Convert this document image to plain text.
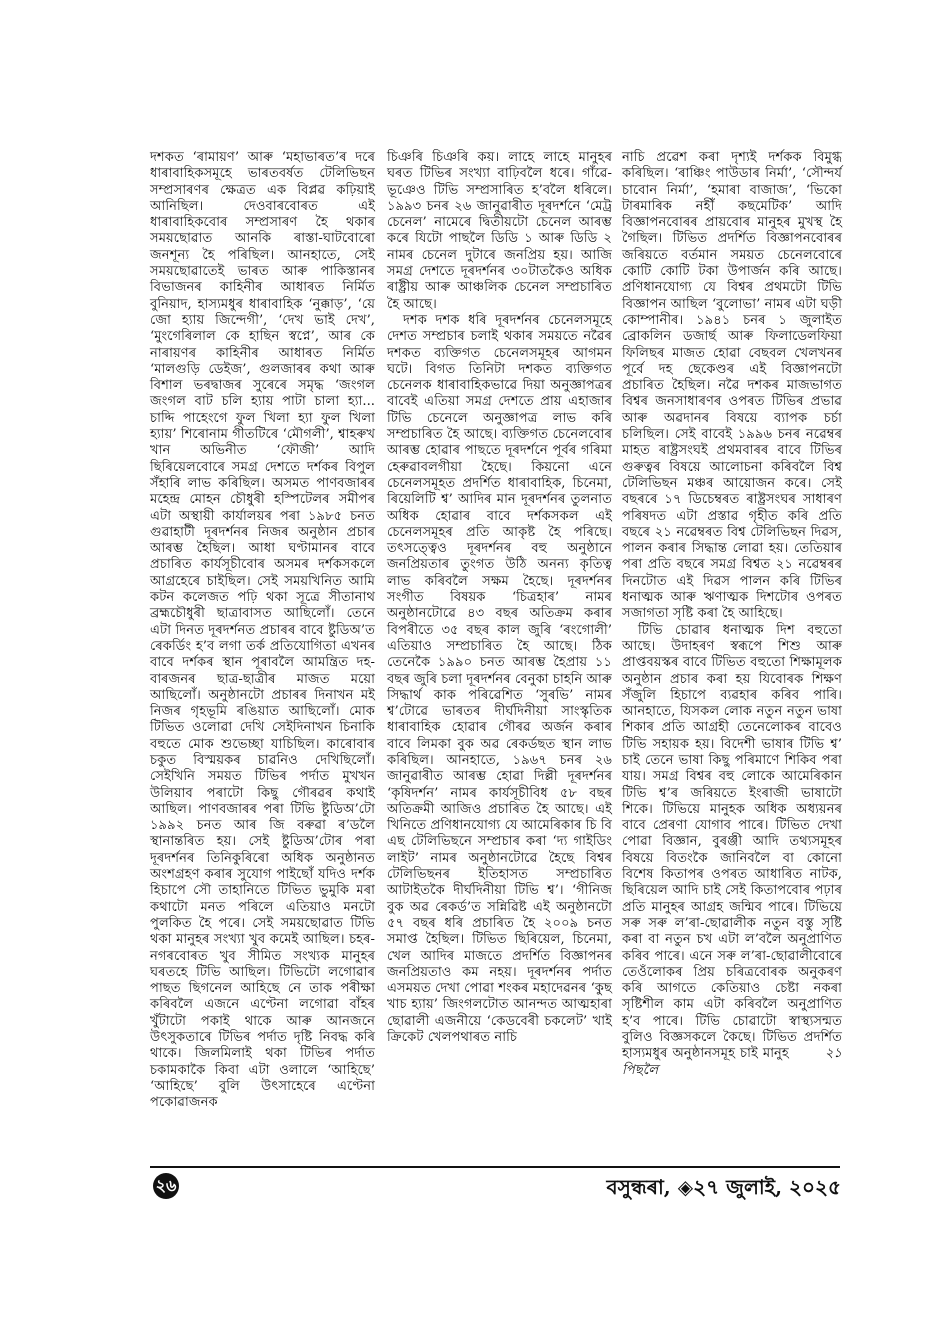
দশকত ‘ৰামায়ণ’ আৰু ‘মহাভাৰত’ৰ দৰে ধাৰাবাহিকসমূহে ভাৰতবৰ্ষত টেলিভিছন সম্প্ৰসাৰণৰ ক্ষেত্ৰত এক বিপ্লৱ কঢ়িয়াই আনিছিল। দেওবাৰবোৰত এই ধাৰাবাহিকবোৰ সম্প্ৰসাৰণ হৈ থকাৰ সময়ছোৱাত আনকি ৰাস্তা-ঘাটবোৰো জনশূন্য হৈ পৰিছিল। আনহাতে, সেই সময়ছোৱাতেই ভাৰত আৰু পাকিস্তানৰ বিভাজনৰ কাহিনীৰ আধাৰত নিৰ্মিত বুনিয়াদ, হাস্যমধুৰ ধাৰাবাহিক ‘নুক্কাড়’, ‘য়ে জো হ্যায় জিন্দেগী’, ‘দেখ ভাই দেখ’, ‘মুংগেৰিলাল কে হাছিন স্বপ্নে’, আৰ কে নাৰায়ণৰ কাহিনীৰ আধাৰত নিৰ্মিত ‘মালগুড়ি ডেইজ’, গুলজাৰৰ কথা আৰু বিশাল ভৰদ্বাজৰ সুৰেৰে সমৃদ্ধ ‘জংগল জংগল বাট চলি হ্যায় পাটা চালা হ্যা... চাদ্দি পাহেংগে ফুল খিলা হ্যা ফুল খিলা হ্যায়’ শিৰোনাম গীতটিৰে ‘মৌগলী’, শ্বাহৰুখ খান অভিনীত ‘ফৌজী’ আদি ছিৰিয়েলবোৰে সমগ্ৰ দেশতে দৰ্শকৰ বিপুল সঁহাৰি লাভ কৰিছিল। অসমত পাণবজাৰৰ মহেন্দ্ৰ মোহন চৌধুৰী হস্পিটেলৰ সমীপৰ এটা অস্থায়ী কাৰ্যালয়ৰ পৰা ১৯৮৫ চনত গুৱাহাটী দূৰদৰ্শনৰ নিজৰ অনুষ্ঠান প্ৰচাৰ আৰম্ভ হৈছিল। আধা ঘণ্টামানৰ বাবে প্ৰচাৰিত কাৰ্যসূচীবোৰ অসমৰ দৰ্শকসকলে আগ্ৰহেৰে চাইছিল। সেই সময়খিনিত আমি কটন কলেজত পঢ়ি থকা সূত্ৰে সীতানাথ ব্ৰহ্মচৌধুৰী ছাত্ৰাবাসত আছিলোঁ। তেনে এটা দিনত দূৰদৰ্শনত প্ৰচাৰৰ বাবে ষ্টুডিঅ’ত ৰেকৰ্ডিং হ’ব লগা তৰ্ক প্ৰতিযোগিতা এখনৰ বাবে দৰ্শকৰ স্থান পূৰাবলৈ আমন্ত্ৰিত দহ-বাৰজনৰ ছাত্ৰ-ছাত্ৰীৰ মাজত ময়ো আছিলোঁ। অনুষ্ঠানটো প্ৰচাৰৰ দিনাখন মই নিজৰ গৃহভূমি ৰঙিয়াত আছিলোঁ। মোক টিভিত ওলোৱা দেখি সেইদিনাখন চিনাকি বহুতে মোক শুভেচ্ছা যাচিছিল। কাৰোবাৰ চকুত বিস্ময়কৰ চাৱনিও দেখিছিলোঁ। সেইখিনি সময়ত টিভিৰ পৰ্দাত মুখখন উলিয়াব পৰাটো কিছু গৌৰৱৰ কথাই আছিল। পাণবজাৰৰ পৰা টিভি ষ্টুডিঅ’টো ১৯৯২ চনত আৰ জি বৰুৱা ৰ’ডলৈ স্থানান্তৰিত হয়। সেই ষ্টুডিঅ’টোৰ পৰা দূৰদৰ্শনৰ তিনিকুৰিৰো অধিক অনুষ্ঠানত অংশগ্ৰহণ কৰাৰ সুযোগ পাইছোঁ যদিও দৰ্শক হিচাপে সৌ তাহানিতে টিভিত ভুমুকি মৰা কথাটো মনত পৰিলে এতিয়াও মনটো পুলকিত হৈ পৰে। সেই সময়ছোৱাত টিভি থকা মানুহৰ সংখ্যা খুব কমেই আছিল। চহৰ-নগৰবোৰত খুব সীমিত সংখ্যক মানুহৰ ঘৰতহে টিভি আছিল। টিভিটো লগোৱাৰ পাছত ছিগনেল আহিছে নে তাক পৰীক্ষা কৰিবলৈ এজনে এণ্টেনা লগোৱা বাঁহৰ খুঁটাটো পকাই থাকে আৰু আনজনে উৎসুকতাৰে টিভিৰ পৰ্দাত দৃষ্টি নিবদ্ধ কৰি থাকে। জিলমিলাই থকা টিভিৰ পৰ্দাত চকামকাকৈ কিবা এটা ওলালে ‘আহিছে’ ‘আহিছে’ বুলি উৎসাহেৰে এণ্টেনা পকোৱাজনক

চিঞৰি চিঞৰি কয়। লাহে লাহে মানুহৰ ঘৰত টিভিৰ সংখ্যা বাঢ়িবলৈ ধৰে। গাঁৱে-ভূঞেও টিভি সম্প্ৰসাৰিত হ’বলৈ ধৰিলে। ১৯৯৩ চনৰ ২৬ জানুৱাৰীত দূৰদৰ্শনে ‘মেট্ৰ চেনেল’ নামেৰে দ্বিতীয়টো চেনেল আৰম্ভ কৰে যিটো পাছলৈ ডিডি ১ আৰু ডিডি ২ নামৰ চেনেল দুটাৰে জনপ্ৰিয় হয়। আজি সমগ্ৰ দেশতে দূৰদৰ্শনৰ ৩০টাতকৈও অধিক ৰাষ্ট্ৰীয় আৰু আঞ্চলিক চেনেল সম্প্ৰচাৰিত হৈ আছে।

দশক দশক ধৰি দূৰদৰ্শনৰ চেনেলসমূহে দেশত সম্প্ৰচাৰ চলাই থকাৰ সময়তে নৱৈৰ দশকত ব্যক্তিগত চেনেলসমূহৰ আগমন ঘটে। বিগত তিনিটা দশকত ব্যক্তিগত চেনেলক ধাৰাবাহিকভাৱে দিয়া অনুজ্ঞাপত্ৰৰ বাবেই এতিয়া সমগ্ৰ দেশতে প্ৰায় এহাজাৰ টিভি চেনেলে অনুজ্ঞাপত্ৰ লাভ কৰি সম্প্ৰচাৰিত হৈ আছে। ব্যক্তিগত চেনেলবোৰ আৰম্ভ হোৱাৰ পাছতে দূৰদৰ্শনে পূৰ্বৰ গৰিমা হেৰুৱাবলগীয়া হৈছে। কিয়নো এনে চেনেলসমূহত প্ৰদৰ্শিত ধাৰাবাহিক, চিনেমা, ৰিয়েলিটি শ্ব’ আদিৰ মান দূৰদৰ্শনৰ তুলনাত অধিক হোৱাৰ বাবে দৰ্শকসকল এই চেনেলসমূহৰ প্ৰতি আকৃষ্ট হৈ পৰিছে। তৎসত্ত্বেও দূৰদৰ্শনৰ বহু অনুষ্ঠানে জনপ্ৰিয়তাৰ তুংগত উঠি অনন্য কৃতিত্ব লাভ কৰিবলৈ সক্ষম হৈছে। দূৰদৰ্শনৰ সংগীত বিষয়ক ‘চিত্ৰহাৰ’ নামৰ অনুষ্ঠানটোৱে ৪৩ বছৰ অতিক্ৰম কৰাৰ বিপৰীতে ৩৫ বছৰ কাল জুৰি ‘ৰংগোলী’ এতিয়াও সম্প্ৰচাৰিত হৈ আছে। ঠিক তেনেকৈ ১৯৯০ চনত আৰম্ভ হৈপ্ৰায় ১১ বছৰ জুৰি চলা দূৰদৰ্শনৰ বেনুকা চাহনি আৰু সিদ্ধাৰ্থ কাক পৰিৱেশিত ‘সুৰভি’ নামৰ শ্ব’টোৱে ভাৰতৰ দীৰ্ঘদিনীয়া সাংস্কৃতিক ধাৰাবাহিক হোৱাৰ গৌৰৱ অৰ্জন কৰাৰ বাবে লিমকা বুক অৱ ৰেকৰ্ডছত স্থান লাভ কৰিছিল। আনহাতে, ১৯৬৭ চনৰ ২৬ জানুৱাৰীত আৰম্ভ হোৱা দিল্লী দূৰদৰ্শনৰ ‘কৃষিদৰ্শন’ নামৰ কাৰ্যসূচীবিধ ৫৮ বছৰ অতিক্ৰমী আজিও প্ৰচাৰিত হৈ আছে। এই খিনিতে প্ৰণিধানযোগ্য যে আমেৰিকাৰ চি বি এছ টেলিভিছনে সম্প্ৰচাৰ কৰা ‘দ্য গাইডিং লাইট’ নামৰ অনুষ্ঠানটোৱে হৈছে বিশ্বৰ টেলিভিছনৰ ইতিহাসত সম্প্ৰচাৰিত আটাইতকৈ দীৰ্ঘদিনীয়া টিভি শ্ব’। ‘গীনিজ বুক অৱ ৰেকৰ্ড’ত সন্নিৱিষ্ট এই অনুষ্ঠানটো ৫৭ বছৰ ধৰি প্ৰচাৰিত হৈ ২০০৯ চনত সমাপ্ত হৈছিল। টিভিত ছিৰিয়েল, চিনেমা, খেল আদিৰ মাজতে প্ৰদৰ্শিত বিজ্ঞাপনৰ জনপ্ৰিয়তাও কম নহয়। দূৰদৰ্শনৰ পৰ্দাত এসময়ত দেখা পোৱা শংকৰ মহাদেৱনৰ ‘কুছ খাচ হ্যায়’ জিংগলটোত আনন্দত আত্মহাৰা ছোৱালী এজনীয়ে ‘কেডবেৰী চকলেট’ খাই ক্ৰিকেট খেলপথাৰত নাচি

নাচি প্ৰৱেশ কৰা দৃশ্যই দৰ্শকক বিমুগ্ধ কৰিছিল। ‘ৰাঞ্চিং পাউডাৰ নিৰ্মা’, ‘সৌন্দৰ্য চাবোন নিৰ্মা’, ‘হমাৰা বাজাজ’, ‘ভিকো টাৰমাৰিক নহীঁ কছমেটিক’ আদি বিজ্ঞাপনবোৰৰ প্ৰায়বোৰ মানুহৰ মুখস্থ হৈ গৈছিল। টিভিত প্ৰদৰ্শিত বিজ্ঞাপনবোৰৰ জৰিয়তে বৰ্তমান সময়ত চেনেলবোৰে কোটি কোটি টকা উপাৰ্জন কৰি আছে। প্ৰণিধানযোগ্য যে বিশ্বৰ প্ৰথমটো টিভি বিজ্ঞাপন আছিল ‘বুলোভা’ নামৰ এটা ঘড়ী কোম্পানীৰ। ১৯৪১ চনৰ ১ জুলাইত ব্ৰোকলিন ডজাৰ্ছ আৰু ফিলাডেলফিয়া ফিলিছৰ মাজত হোৱা বেছবল খেলখনৰ পূৰ্বে দহ ছেকেণ্ডৰ এই বিজ্ঞাপনটো প্ৰচাৰিত হৈছিল। নৱৈ দশকৰ মাজভাগত বিশ্বৰ জনসাধাৰণৰ ওপৰত টিভিৰ প্ৰভাৱ আৰু অৱদানৰ বিষয়ে ব্যাপক চৰ্চা চলিছিল। সেই বাবেই ১৯৯৬ চনৰ নৱেম্বৰ মাহত ৰাষ্ট্ৰসংঘই প্ৰথমবাৰৰ বাবে টিভিৰ গুৰুত্বৰ বিষয়ে আলোচনা কৰিবলৈ বিশ্ব টেলিভিছন মঞ্চৰ আয়োজন কৰে। সেই বছৰৰে ১৭ ডিচেম্বৰত ৰাষ্ট্ৰসংঘৰ সাধাৰণ পৰিষদত এটা প্ৰস্তাৱ গৃহীত কৰি প্ৰতি বছৰে ২১ নৱেম্বৰত বিশ্ব টেলিভিছন দিৱস, পালন কৰাৰ সিদ্ধান্ত লোৱা হয়। তেতিয়াৰ পৰা প্ৰতি বছৰে সমগ্ৰ বিশ্বত ২১ নৱেম্বৰৰ দিনটোত এই দিৱস পালন কৰি টিভিৰ ধনাত্মক আৰু ঋণাত্মক দিশটোৰ ওপৰত সজাগতা সৃষ্টি কৰা হৈ আহিছে।

টিভি চোৱাৰ ধনাত্মক দিশ বহুতো আছে। উদাহৰণ স্বৰূপে শিশু আৰু প্ৰাপ্তবয়স্কৰ বাবে টিভিত বহুতো শিক্ষামূলক অনুষ্ঠান প্ৰচাৰ কৰা হয় যিবোৰক শিক্ষণ সঁজুলি হিচাপে ব্যৱহাৰ কৰিব পাৰি। আনহাতে, যিসকল লোক নতুন নতুন ভাষা শিকাৰ প্ৰতি আগ্ৰহী তেনেলোকৰ বাবেও টিভি সহায়ক হয়। বিদেশী ভাষাৰ টিভি শ্ব’ চাই তেনে ভাষা কিছু পৰিমাণে শিকিব পৰা যায়। সমগ্ৰ বিশ্বৰ বহু লোকে আমেৰিকান টিভি শ্ব’ৰ জৰিয়তে ইংৰাজী ভাষাটো শিকে। টিভিয়ে মানুহক অধিক অধ্যয়নৰ বাবে প্ৰেৰণা যোগাব পাৰে। টিভিত দেখা পোৱা বিজ্ঞান, বুৰঞ্জী আদি তথ্যসমূহৰ বিষয়ে বিতংকৈ জানিবলৈ বা কোনো বিশেষ কিতাপৰ ওপৰত আধাৰিত নাটক, ছিৰিয়েল আদি চাই সেই কিতাপবোৰ পঢ়াৰ প্ৰতি মানুহৰ আগ্ৰহ জন্মিব পাৰে। টিভিয়ে সৰু সৰু ল’ৰা-ছোৱালীক নতুন বস্তু সৃষ্টি কৰা বা নতুন চখ এটা ল’বলৈ অনুপ্ৰাণিত কৰিব পাৰে। এনে সৰু ল’ৰা-ছোৱালীবোৰে তেওঁলোকৰ প্ৰিয় চৰিত্ৰবোৰক অনুকৰণ কৰি আগতে কেতিয়াও চেষ্টা নকৰা সৃষ্টিশীল কাম এটা কৰিবলৈ অনুপ্ৰাণিত হ’ব পাৰে। টিভি চোৱাটো স্বাস্থ্যসন্মত বুলিও বিজ্ঞসকলে কৈছে। টিভিত প্ৰদৰ্শিত হাস্যমধুৰ অনুষ্ঠানসমূহ চাই মানুহ	২১ পিছলৈ

২৬	বসুন্ধৰা, ◈২৭ জুলাই, ২০২৫
